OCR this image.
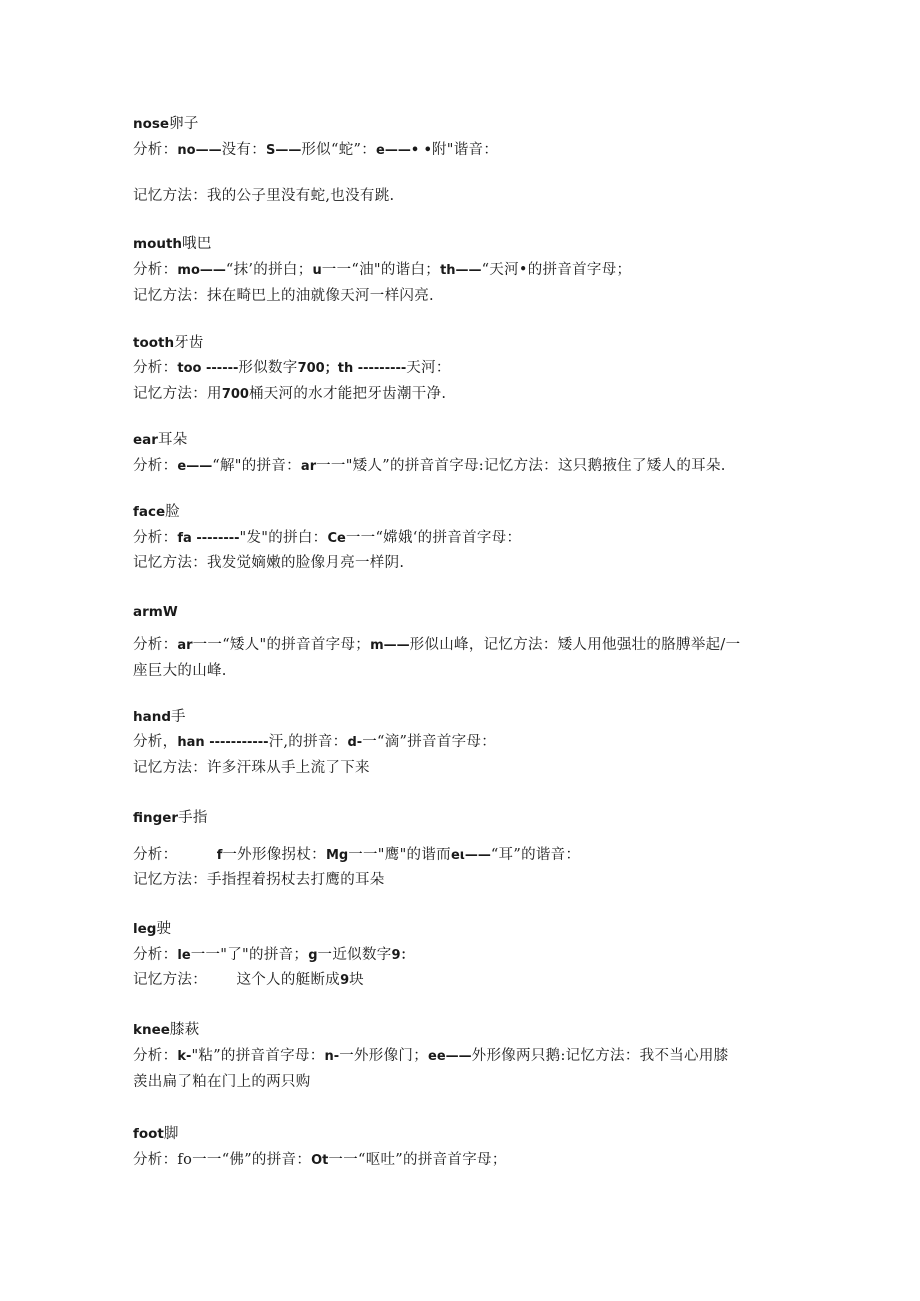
nose卵子
分析：no——没有：S——形似“蛇”：e——• •附"谐音：
记忆方法：我的公子里没有蛇,也没有跳.
mouth哦巴
分析：mo——“抹’的拼白；u一一“油"的谐白；th——“天河•的拼音首字母；
记忆方法：抹在畸巴上的油就像天河一样闪亮.
tooth牙齿
分析：too ------形似数字700；th ---------天河：
记忆方法：用700桶天河的水才能把牙齿潮干净.
ear耳朵
分析：e——“解"的拼音：ar一一"矮人”的拼音首字母:记忆方法：这只鹅掖住了矮人的耳朵.
face脸
分析：fa --------"发"的拼白：Ce一一“嫦娥‘的拼音首字母：
记忆方法：我发觉嫡嫩的脸像月亮一样阴.
armW
分析：ar一一“矮人"的拼音首字母；m——形似山峰，记忆方法：矮人用他强壮的胳膊举起/一
座巨大的山峰.
hand手
分析，han -----------汗,的拼音：d-一“滴”拼音首字母：
记忆方法：许多汗珠从手上流了下来
finger手指
分析：        f一外形像拐杖：Mg一一"鹰"的谐而eι——“耳”的谐音：
记忆方法：手指捏着拐杖去打鹰的耳朵
leg驶
分析：le一一"了"的拼音；g一近似数字9：
记忆方法：      这个人的艇断成9块
knee膝萩
分析：k-"粘”的拼音首字母：n-一外形像门；ee——外形像两只鹅:记忆方法：我不当心用膝
羡出扁了粕在门上的两只购
foot脚
分析：fo一一“佛”的拼音：Ot一一“呕吐”的拼音首字母；
